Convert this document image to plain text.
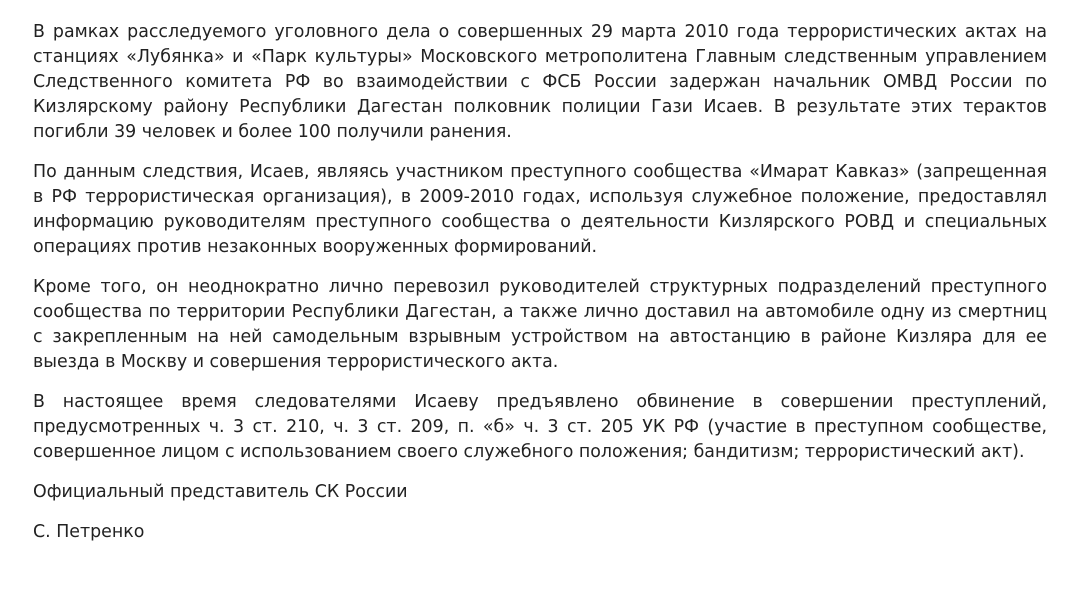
В рамках расследуемого уголовного дела о совершенных 29 марта 2010 года террористических актах на станциях «Лубянка» и «Парк культуры» Московского метрополитена Главным следственным управлением Следственного комитета РФ во взаимодействии с ФСБ России задержан начальник ОМВД России по Кизлярскому району Республики Дагестан полковник полиции Гази Исаев. В результате этих терактов погибли 39 человек и более 100 получили ранения.

По данным следствия, Исаев, являясь участником преступного сообщества «Имарат Кавказ» (запрещенная в РФ террористическая организация), в 2009-2010 годах, используя служебное положение, предоставлял информацию руководителям преступного сообщества о деятельности Кизлярского РОВД и специальных операциях против незаконных вооруженных формирований.

Кроме того, он неоднократно лично перевозил руководителей структурных подразделений преступного сообщества по территории Республики Дагестан, а также лично доставил на автомобиле одну из смертниц с закрепленным на ней самодельным взрывным устройством на автостанцию в районе Кизляра для ее выезда в Москву и совершения террористического акта.

В настоящее время следователями Исаеву предъявлено обвинение в совершении преступлений, предусмотренных ч. 3 ст. 210, ч. 3 ст. 209, п. «б» ч. 3 ст. 205 УК РФ (участие в преступном сообществе, совершенное лицом с использованием своего служебного положения; бандитизм; террористический акт).

Официальный представитель СК России

С. Петренко
